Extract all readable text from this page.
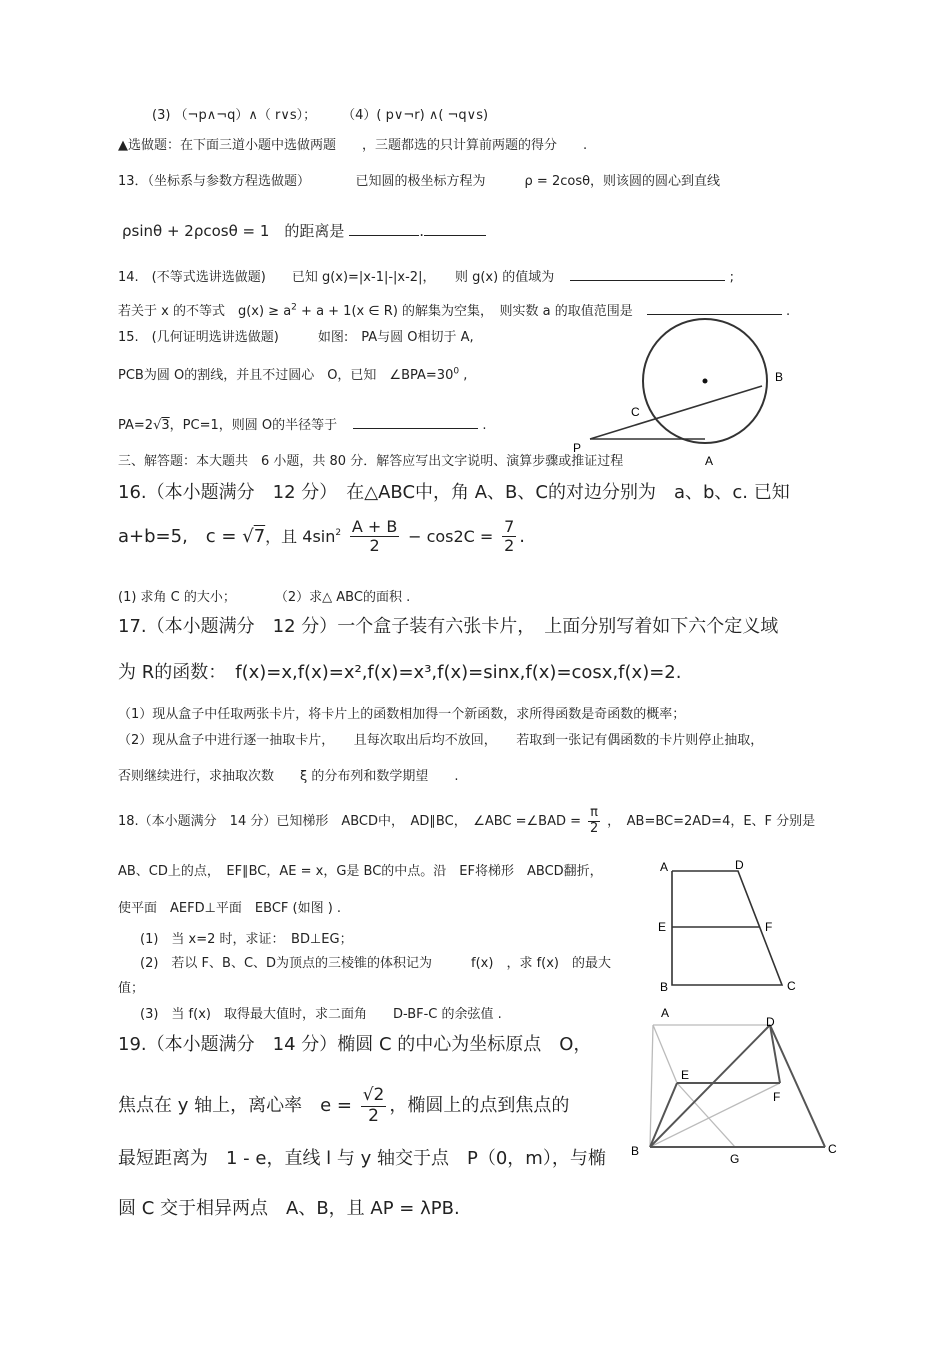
(3) （¬p∧¬q）∧（ r∨s）；　　　（4）( p∨¬r) ∧( ¬q∨s)
▲选做题：在下面三道小题中选做两题　　，三题都选的只计算前两题的得分　　.
13．（坐标系与参数方程选做题）　　　　已知圆的极坐标方程为　　　ρ = 2cosθ，则该圆的圆心到直线
ρsinθ + 2ρcosθ = 1　的距离是	.
14.　(不等式选讲选做题)　　已知 g(x)=|x-1|-|x-2|，　　则 g(x) 的值域为	;
若关于 x 的不等式　$g(x) \ge a^2 + a + 1(x$ ∈ R) 的解集为空集，　则实数 a 的取值范围是	.
15.　(几何证明选讲选做题)　　　如图:　PA与圆 O相切于 A,
PCB为圆 O的割线，并且不过圆心　O，已知　$\angle BPA=30^0$ ,
PA=2√3，PC=1，则圆 O的半径等于	.
B
C
P
A
三、解答题：本大题共　6 小题，共 80 分．解答应写出文字说明、演算步骤或推证过程
16.（本小题满分　12 分）　在△ABC中，角 A、B、C的对边分别为　a、b、c. 已知
a+b=5,　c = √7，且 $4\sin^2 \frac{A + B}{2} - \cos 2C = \frac{7}{2}$ .
(1) 求角 C 的大小；　　　　（2）求△ ABC的面积 .
17.（本小题满分　12 分）一个盒子装有六张卡片，　上面分别写着如下六个定义域
为 R的函数：　f(x)=x,f(x)=x²,f(x)=x³,f(x)=sinx,f(x)=cosx,f(x)=2.
（1）现从盒子中任取两张卡片，将卡片上的函数相加得一个新函数，求所得函数是奇函数的概率；
（2）现从盒子中进行逐一抽取卡片，　　且每次取出后均不放回，　　若取到一张记有偶函数的卡片则停止抽取，
否则继续进行，求抽取次数　　ξ 的分布列和数学期望　　.
18.（本小题满分　14 分）已知梯形　ABCD中，　AD∥BC，　∠ABC =∠BAD = $\frac{\pi}{2}$ ，　AB=BC=2AD=4，E、F 分别是
AB、CD上的点，　EF∥BC，AE = x，G是 BC的中点。沿　EF将梯形　ABCD翻折，
使平面　AEFD⊥平面　EBCF (如图 ) .
(1)　当 x=2 时，求证：　BD⊥EG；
(2)　若以 F、B、C、D为顶点的三棱锥的体积记为　　　f(x)　，求 f(x)　的最大
值；
(3)　当 f(x)　取得最大值时，求二面角　　D-BF-C 的余弦值 .
A	D
E	F
B	C
19.（本小题满分　14 分）椭圆 C 的中心为坐标原点　O，
焦点在 y 轴上，离心率　$e = \frac{√2}{2}$ ，椭圆上的点到焦点的
最短距离为　1 - e，直线 l 与 y 轴交于点　P（0，m），与椭
圆 C 交于相异两点　A、B，且 AP = λPB.
A
D
E
F
B	C
G
